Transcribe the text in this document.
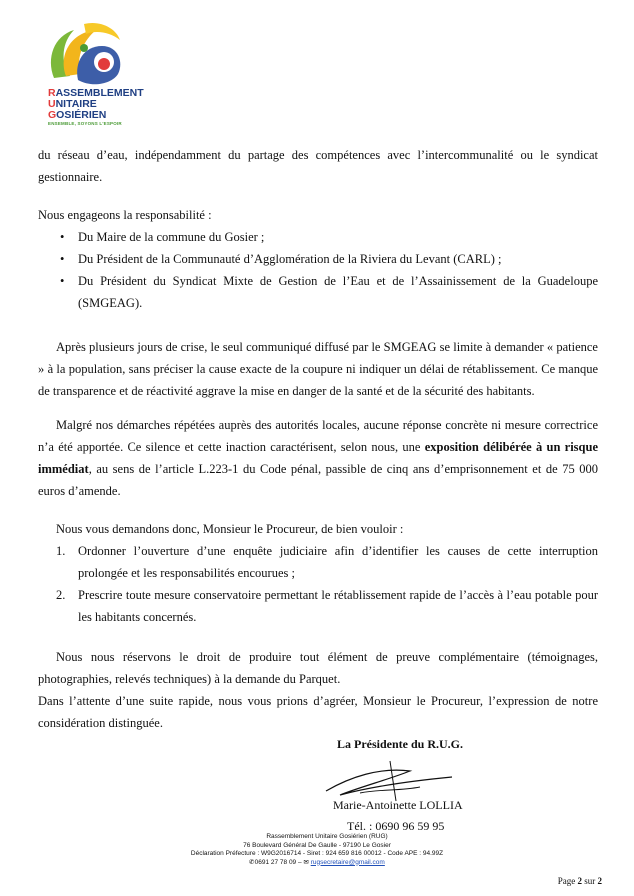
RASSEMBLEMENT
UNITAIRE
GOSIÉRIEN
ENSEMBLE, SOYONS L'ESPOIR

du réseau d’eau, indépendamment du partage des compétences avec l’intercommunalité ou le syndicat gestionnaire.

Nous engageons la responsabilité :

• Du Maire de la commune du Gosier ;
• Du Président de la Communauté d’Agglomération de la Riviera du Levant (CARL) ;
• Du Président du Syndicat Mixte de Gestion de l’Eau et de l’Assainissement de la Guadeloupe (SMGEAG).

Après plusieurs jours de crise, le seul communiqué diffusé par le SMGEAG se limite à demander « patience » à la population, sans préciser la cause exacte de la coupure ni indiquer un délai de rétablissement. Ce manque de transparence et de réactivité aggrave la mise en danger de la santé et de la sécurité des habitants.

Malgré nos démarches répétées auprès des autorités locales, aucune réponse concrète ni mesure correctrice n’a été apportée. Ce silence et cette inaction caractérisent, selon nous, une exposition délibérée à un risque immédiat, au sens de l’article L.223-1 du Code pénal, passible de cinq ans d’emprisonnement et de 75 000 euros d’amende.

Nous vous demandons donc, Monsieur le Procureur, de bien vouloir :

1. Ordonner l’ouverture d’une enquête judiciaire afin d’identifier les causes de cette interruption prolongée et les responsabilités encourues ;
2. Prescrire toute mesure conservatoire permettant le rétablissement rapide de l’accès à l’eau potable pour les habitants concernés.

Nous nous réservons le droit de produire tout élément de preuve complémentaire (témoignages, photographies, relevés techniques) à la demande du Parquet.

Dans l’attente d’une suite rapide, nous vous prions d’agréer, Monsieur le Procureur, l’expression de notre considération distinguée.

La Présidente du R.U.G.
Marie-Antoinette LOLLIA
Tél. : 0690 96 59 95
Rassemblement Unitaire Gosiérien (RUG)
76 Boulevard Général De Gaulle - 97190 Le Gosier
Déclaration Préfecture : W9G2016714 - Siret : 924 659 816 00012 - Code APE : 94.99Z
✆0691 27 78 09 – ✉ rugsecretaire@gmail.com
Page 2 sur 2
